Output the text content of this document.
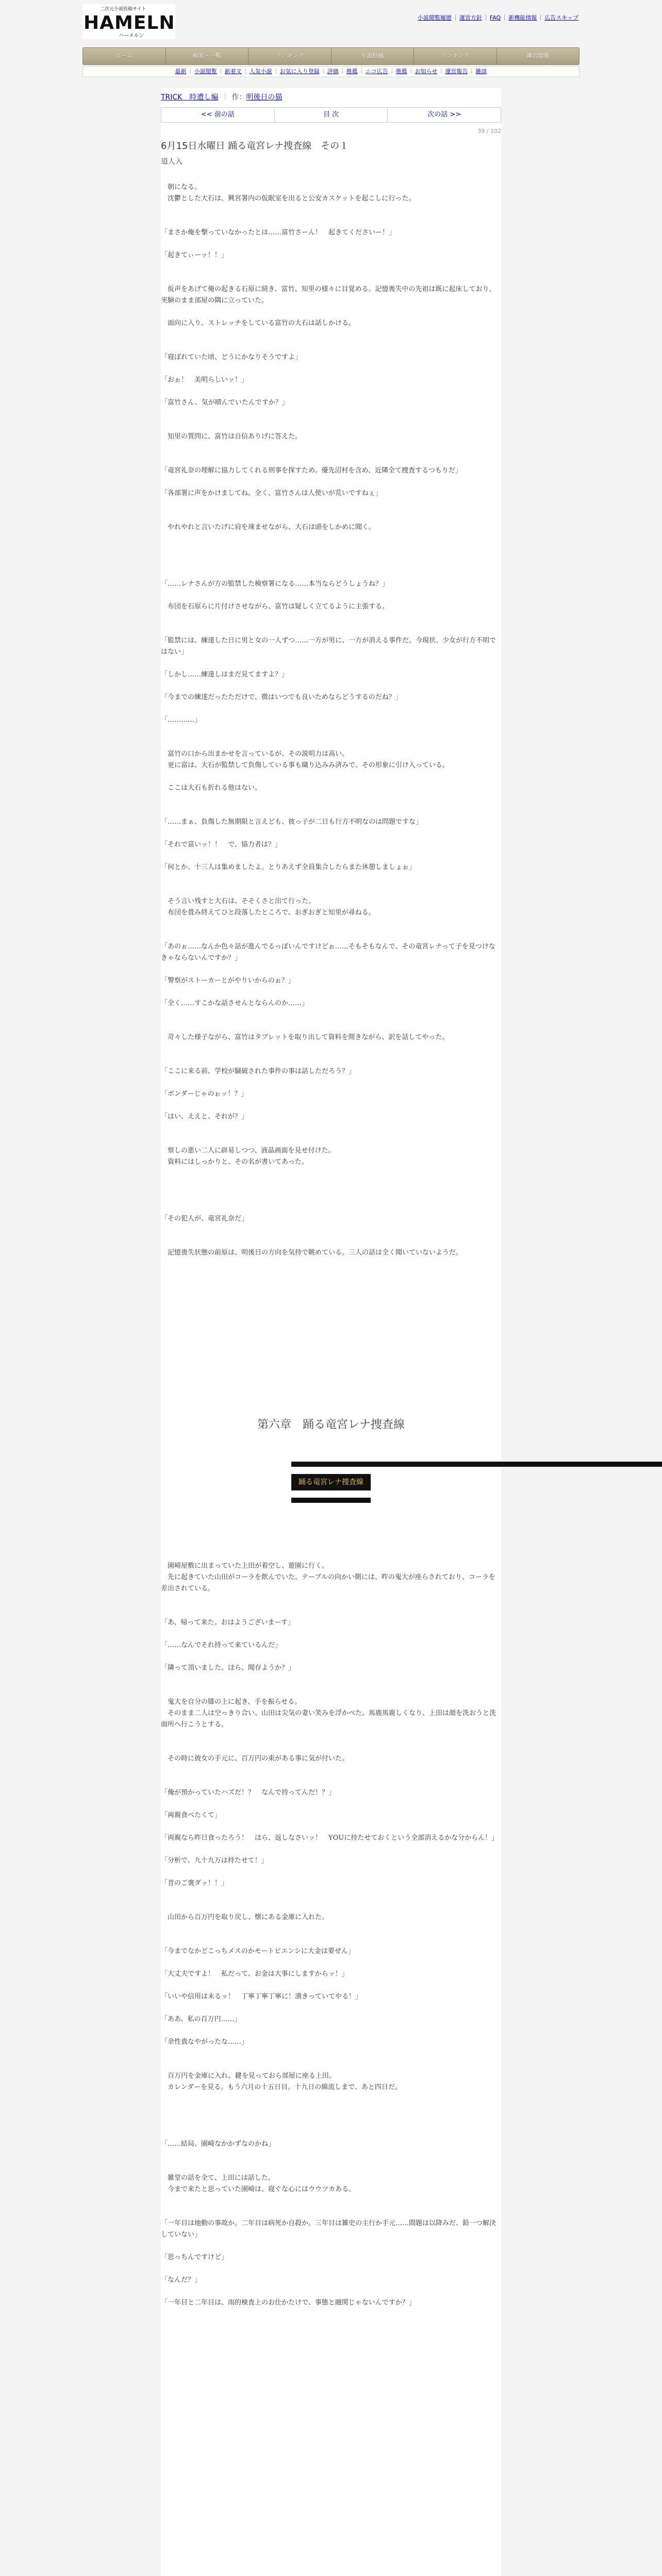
二次元小説投稿サイト
HAMELN
ハーメルン
小説閲覧履歴 ｜ 運営方針 ｜ FAQ ｜ 新機能情報 ｜ 広告スキップ
ホーム	検索・一覧	ランキング	小説投稿	ランキング	運営情報
最新 ｜ 小説閲覧 ｜ 新着文 ｜ 人気小説 ｜ お気に入り登録 ｜ 評価 ｜ 推薦 ｜ ニコ広告 ｜ 推薦 ｜ お知らせ ｜ 運営報告 ｜ 雑談
TRICK　時遭し編 ｜ 作：明後日の猫
<< 前の話	目 次	次の話 >>
39 / 102
6月15日水曜日 踊る竜宮レナ捜査線　その１
道人入

　朝になる。

　沈鬱とした大石は、興宮署内の仮眠室を出ると公安カスケットを起こしに行った。

「まさか俺を撃っていなかったとは……富竹さーん！　起きてくださいー！」

「起きてぃーッ！！」

　仮声をあげて俺の起きる石原に続き、富竹、知里の様々に目覚める。記憶喪失中の先祖は既に起床しており、実験のまま部屋の隅に立っていた。

　面向に入り、ストレッチをしている富竹の大石は話しかける。

「寝ぼれていた頃、どうにかなりそうですよ」

「おぉ！　美明らしいッ！」

「富竹さん、気が晴んでいたんですか？」

　知里の質問に、富竹は自信ありげに答えた。

「竜宮礼奈の理解に協力してくれる刑事を探すため。優先沼村を含め、近隣全て捜査するつもりだ」

「各部署に声をかけましてね。全く、富竹さんは人使いが荒いですねぇ」

　やれやれと言いたげに肩を竦ませながら、大石は頭をしかめに聞く。

「……レナさんが方の監禁した検察署になる……本当ならどうしょうね？」

　布団を石原らに片付けさせながら、富竹は疑しく立てるように主張する。

「監禁には、練達した日に男と女の一人ずつ……一方が男に、一方が消える事件だ。今現状、少女が行方不明ではない」

「しかし……練達しはまだ見てますよ？」

「今までの練達だったただけで、微はいつでも良いためならどうするのだね？」

「…………」

　富竹の口から出まかせを言っているが、その説明力は高い。

　更に富は、大石が監禁して負傷している事も織り込みみ済みで、その形象に引け入っている。

　ここは大石も折れる他はない。

「……まぁ、負傷した無期限と言えども、彼っ子が二日も行方不明なのは問題ですな」

「それで富いッ！！　で、協力者は？」

「何とか、十三人は集めましたよ。とりあえず全員集合したらまた休憩しましょぉ」

　そう言い残すと大石は、そそくさと出て行った。

　布団を畳み終えてひと段落したところで、おぎおぎと知里が尋ねる。

「あのぉ……なんか色々話が進んでるっぽいんですけどぉ……そもそもなんで、その竜宮レナって子を見つけなきゃならないんですか？」

「警察がストーカーとがやりいからのぉ？」

「全く……すこかな話させんとならんのか……」

　苛々した様子ながら、富竹はタブレットを取り出して資料を開きながら、訳を話してやった。

「ここに来る前、学校が騒破された事件の事は話しただろう？」

「ボンダーじゃのぉッ！？」

「はい、ええと、それが？」

　察しの悪い二人に辟易しつつ、液晶画面を見せ付けた。

　資料にはしっかりと、その名が書いてあった。

「その犯人が、竜宮礼奈だ」

　記憶喪失状態の前原は、明後日の方向を気持で眺めている。三人の話は全く聞いていないようだ。

第六章　踊る竜宮レナ捜査線

踊る竜宮レナ捜査線

　園崎屋敷に出まっていた上田が着空し、遊園に行く。

　先に起きていた山田がコーラを飲んでいた。テーブルの向かい側には、昨の鬼大が座らされており、コーラを差出されている。

「あ、帰って来た。おはようございまーす」

「……なんでそれ持って来ているんだ」

「隣って頂いました。ほら、聞存ようか？」

　鬼大を自分の膝の上に起き、手を振らせる。

　そのまま二人は空っきり合い、山田は尖気の妻い笑みを浮かべた。馬鹿馬鹿しくなり、上田は顔を洗おうと洗面所へ行こうとする。

　その時に彼女の手元に、百万円の束がある事に気が付いた。

「俺が預かっていたハズだ！？　なんで持ってんだ！？」

「両親食べたくて」

「両親なら昨日食ったろう！　ほら、返しなさいッ！　YOUに持たせておくという全部消えるかな分からん！」

「分析で、九十九万は持たせて！」

「昔のご褒ダッ！！」

　山田から百万円を取り戻し、懐にある金庫に入れた。

「今までなかどこっちメスのかモートビエンシに大金は要ぜん」

「大丈夫ですよ！　私だって、お金は大事にしますからッ！」

「いいや信用は未るッ！　丁寧丁寧丁寧に！潰きっていてやる！」

「ああ、私の百万円……」

「余性貴なやがったな……」

　百万円を金庫に入れ、鍵を見っておら部屋に座る上田。

　カレンダーを見る。もう六月の十五日目。十九日の綿流しまで、あと四日だ。

「……結局、園崎なかかずなのかね」

　雑堂の話を全て、上田には話した。

　今まで来たと思っていた園崎は、寝ぐな心にはウウツカある。

「一年目は地動の事故か。二年目は病死か自殺か。三年目は雑史の主行か手元……間題は以降みだ、鉛一つ解決していない」

「思っちんですけど」

「なんだ？」

「一年目と二年目は、雨的検査上のお仕かたけで、事態と融関じゃないんですか？」
